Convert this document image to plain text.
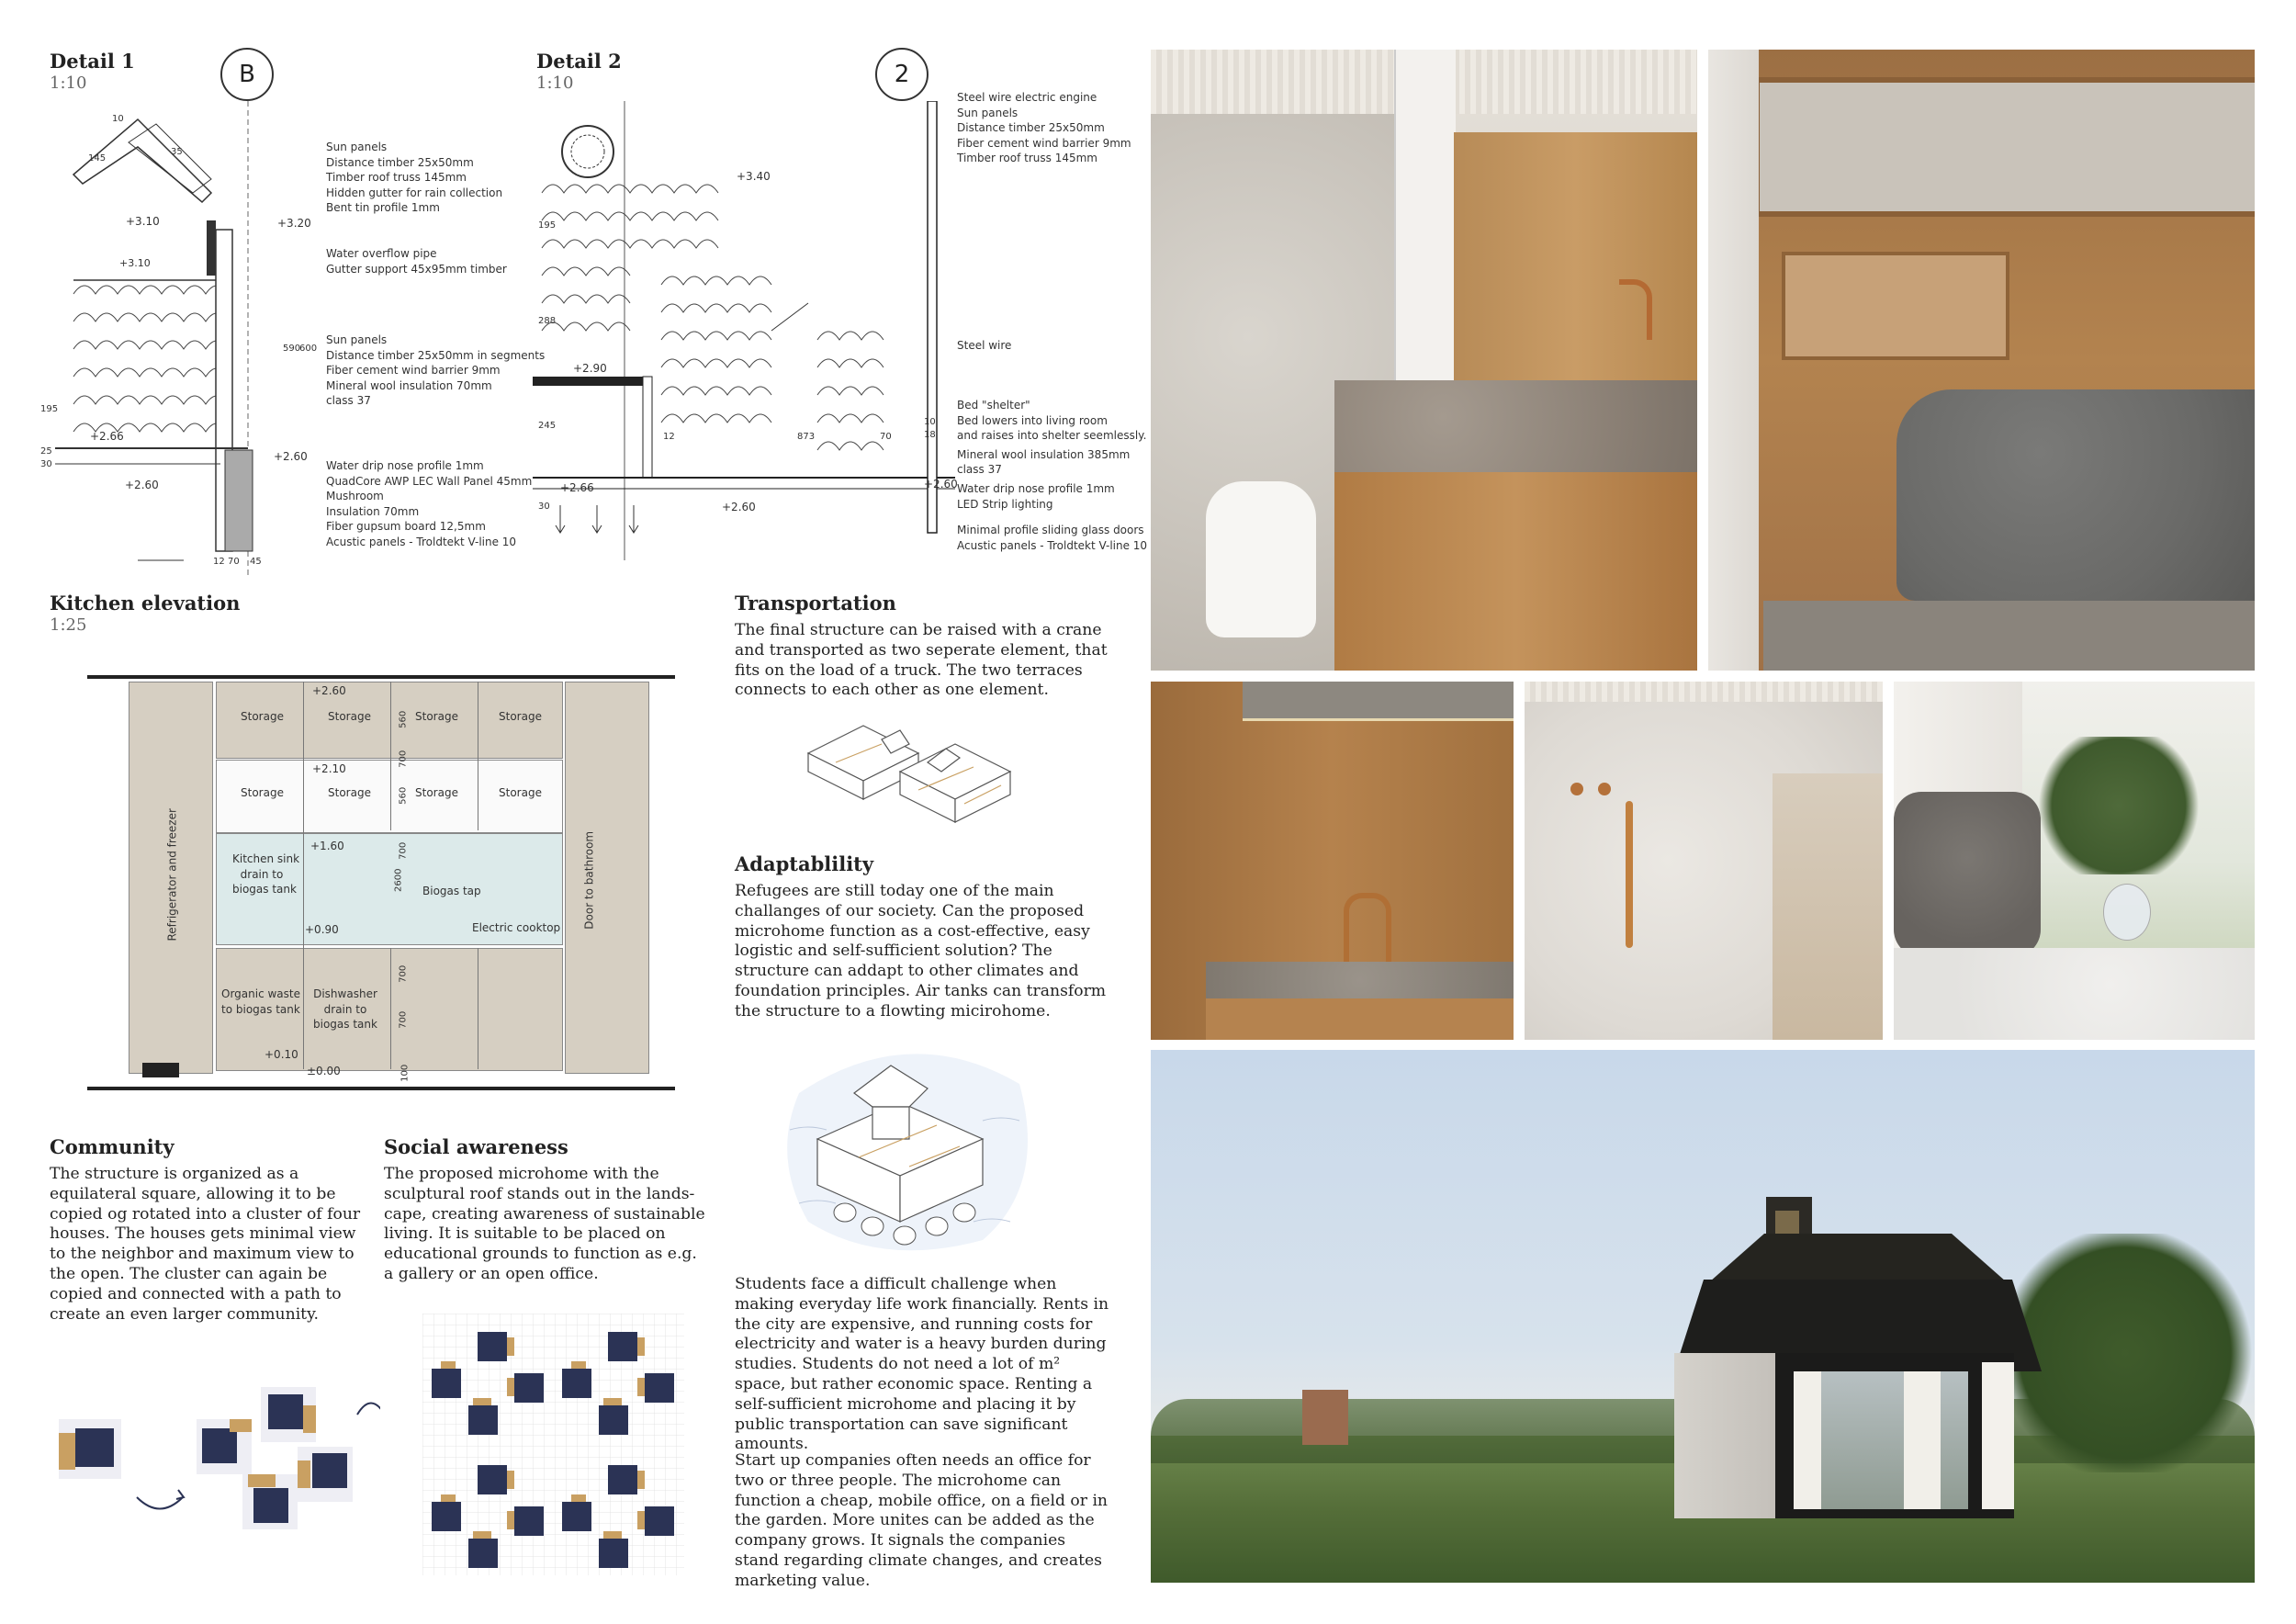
Detail 1
1:10	B
+3.10
+3.10	+3.20
+2.66
+2.60
+2.60
10
145
35
590
600
195
25
30
12 70 45
Sun panels
Distance timber 25x50mm
Timber roof truss 145mm
Hidden gutter for rain collection
Bent tin profile 1mm
Water overflow pipe
Gutter support 45x95mm timber
Sun panels
Distance timber 25x50mm in segments
Fiber cement wind barrier 9mm
Mineral wool insulation 70mm
class 37
Water drip nose profile 1mm
QuadCore AWP LEC Wall Panel 45mm
Mushroom
Insulation 70mm
Fiber gupsum board 12,5mm
Acustic panels - Troldtekt V-line 10
Detail 2
1:10	2
+3.40
+2.90
+2.66
+2.60
+2.60
195
288
245
30
12	873	70
10
18
Steel wire electric engine
Sun panels
Distance timber 25x50mm
Fiber cement wind barrier 9mm
Timber roof truss 145mm
Steel wire
Bed "shelter"
Bed lowers into living room
and raises into shelter seemlessly.
Mineral wool insulation 385mm
class 37
Water drip nose profile 1mm
LED Strip lighting
Minimal profile sliding glass doors
Acustic panels - Troldtekt V-line 10
Kitchen elevation
1:25
Storage	Storage	Storage	Storage
Storage	Storage	Storage	Storage
+2.60
+2.10
+1.60
+0.90
+0.10
±0.00
560
700
560
700
2600
700
700
100
Refrigerator and freezer	Door to bathroom
Kitchen sink
drain to
biogas tank	Biogas tap
Electric cooktop
Organic waste
to biogas tank
Dishwasher
drain to
biogas tank
Community
The structure is organized as a equilateral square, allowing it to be copied og rotated into a cluster of four houses. The houses gets minimal view to the neighbor and maximum view to the open. The cluster can again be copied and connected with a path to create an even larger community.
Social awareness
The proposed microhome with the sculptural roof stands out in the lands-cape, creating awareness of sustainable living. It is suitable to be placed on educational grounds to function as e.g. a gallery or an open office.
Transportation
The final structure can be raised with a crane and transported as two seperate element, that fits on the load of a truck. The two terraces connects to each other as one element.
Adaptablility
Refugees are still today one of the main challanges of our society. Can the proposed microhome function as a cost-effective, easy logistic and self-sufficient solution? The structure can addapt to other climates and foundation principles. Air tanks can transform the structure to a flowting micirohome.
Students face a difficult challenge when making everyday life work financially. Rents in the city are expensive, and running costs for electricity and water is a heavy burden during studies. Students do not need a lot of m² space, but rather economic space. Renting a self-sufficient microhome and placing it by public transportation can save significant amounts.
Start up companies often needs an office for two or three people. The microhome can function a cheap, mobile office, on a field or in the garden. More unites can be added as the company grows. It signals the companies stand regarding climate changes, and creates marketing value.
